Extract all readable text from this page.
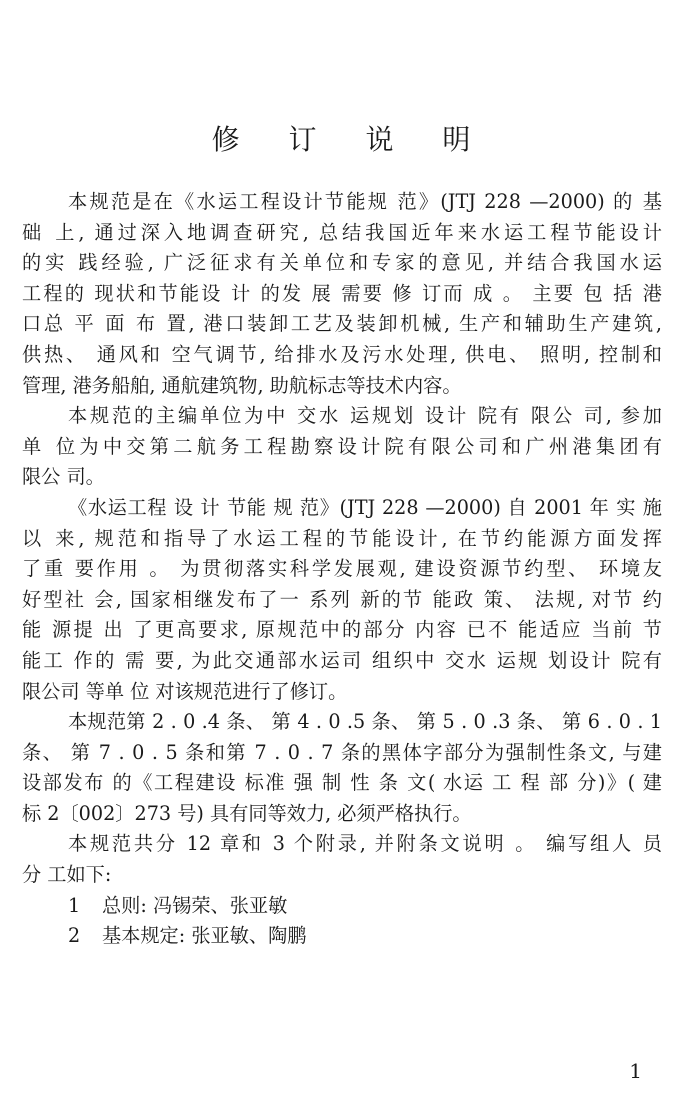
修 订 说 明
本规范是在《水运工程设计节能规 范》(JTJ 228 —2000) 的 基
础 上, 通过深入地调查研究, 总结我国近年来水运工程节能设计
的实 践经验, 广泛征求有关单位和专家的意见, 并结合我国水运
工程的 现状和节能设 计 的发 展 需要 修 订而 成 。 主要 包 括 港
口总 平 面 布 置, 港口装卸工艺及装卸机械, 生产和辅助生产建筑,
供热、 通风和 空气调节, 给排水及污水处理, 供电、 照明, 控制和
管理, 港务船舶, 通航建筑物, 助航标志等技术内容。
本规范的主编单位为中 交水 运规划 设计 院有 限公 司, 参加
单 位为中交第二航务工程勘察设计院有限公司和广州港集团有
限公 司。
《水运工程 设 计 节能 规 范》(JTJ 228 —2000) 自 2001 年 实 施
以 来, 规范和指导了水运工程的节能设计, 在节约能源方面发挥
了重 要作用 。 为贯彻落实科学发展观, 建设资源节约型、 环境友
好型社 会, 国家相继发布了一 系列 新的节 能政 策、 法规, 对节 约
能 源提 出 了更高要求, 原规范中的部分 内容 已不 能适应 当前 节
能工 作的 需 要, 为此交通部水运司 组织中 交水 运规 划设计 院有
限公司 等单 位 对该规范进行了修订。
本规范第 2 . 0 .4 条、 第 4 . 0 .5 条、 第 5 . 0 .3 条、 第 6 . 0 . 1
条、 第 7 . 0 . 5 条和第 7 . 0 . 7 条的黑体字部分为强制性条文, 与建
设部发布 的《工程建设 标准 强 制 性 条 文( 水运 工 程 部 分)》( 建
标 2〔002〕273 号) 具有同等效力, 必须严格执行。
本规范共分 12 章和 3 个附录, 并附条文说明 。 编写组人 员
分 工如下:
1 总则: 冯锡荣、张亚敏
2 基本规定: 张亚敏、陶鹏
1
